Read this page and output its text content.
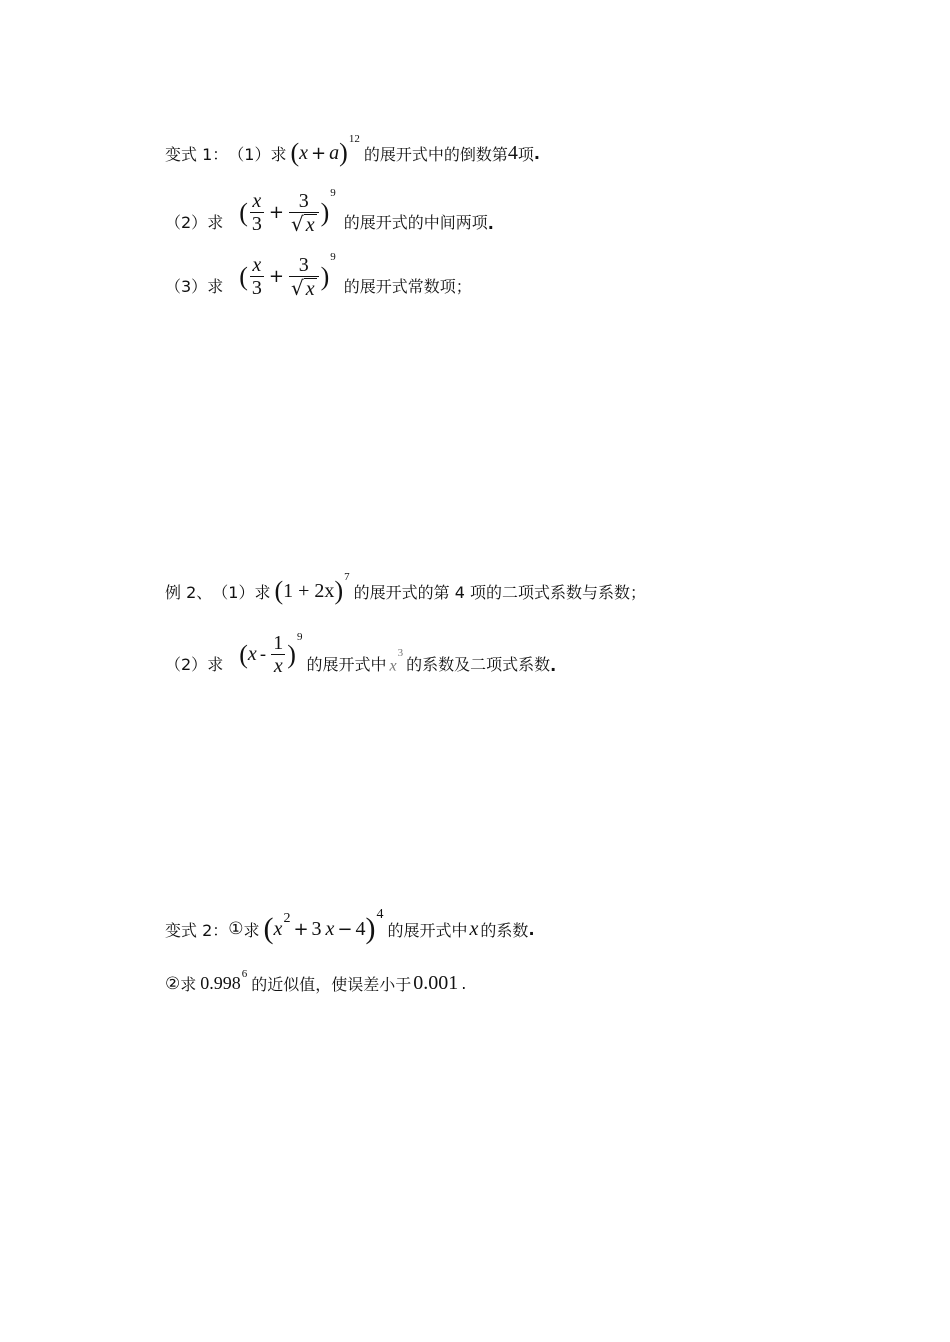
变式 1： （1） 求 ( x + a )$^{12}$
的展开式中的倒数第 4 项 .
（2） 求 ( $\frac{x}{3} + \frac{3}{√ x}$ )
$^9$
的展开式的中间两项 .
（3） 求 ( $\frac{x}{3} + \frac{3}{√ x}$ )
$^9$
的展开式常数项；
例 2、 （1） 求 ( 1 + 2x )$^7$
的展开式的第 4 项的二项式系数与系数；
（2） 求 ( x - $\frac{1}{x}$ )
$^9$
的展开式中 $x^3$
的系数及二项式系数 .
变式 2： ① 求 ( $x^2 + 3$ x − 4 )$^4$
的展开式中 x 的系数 .
② 求 0.998$^6$
的近似值，使误差小于 0.001 .
